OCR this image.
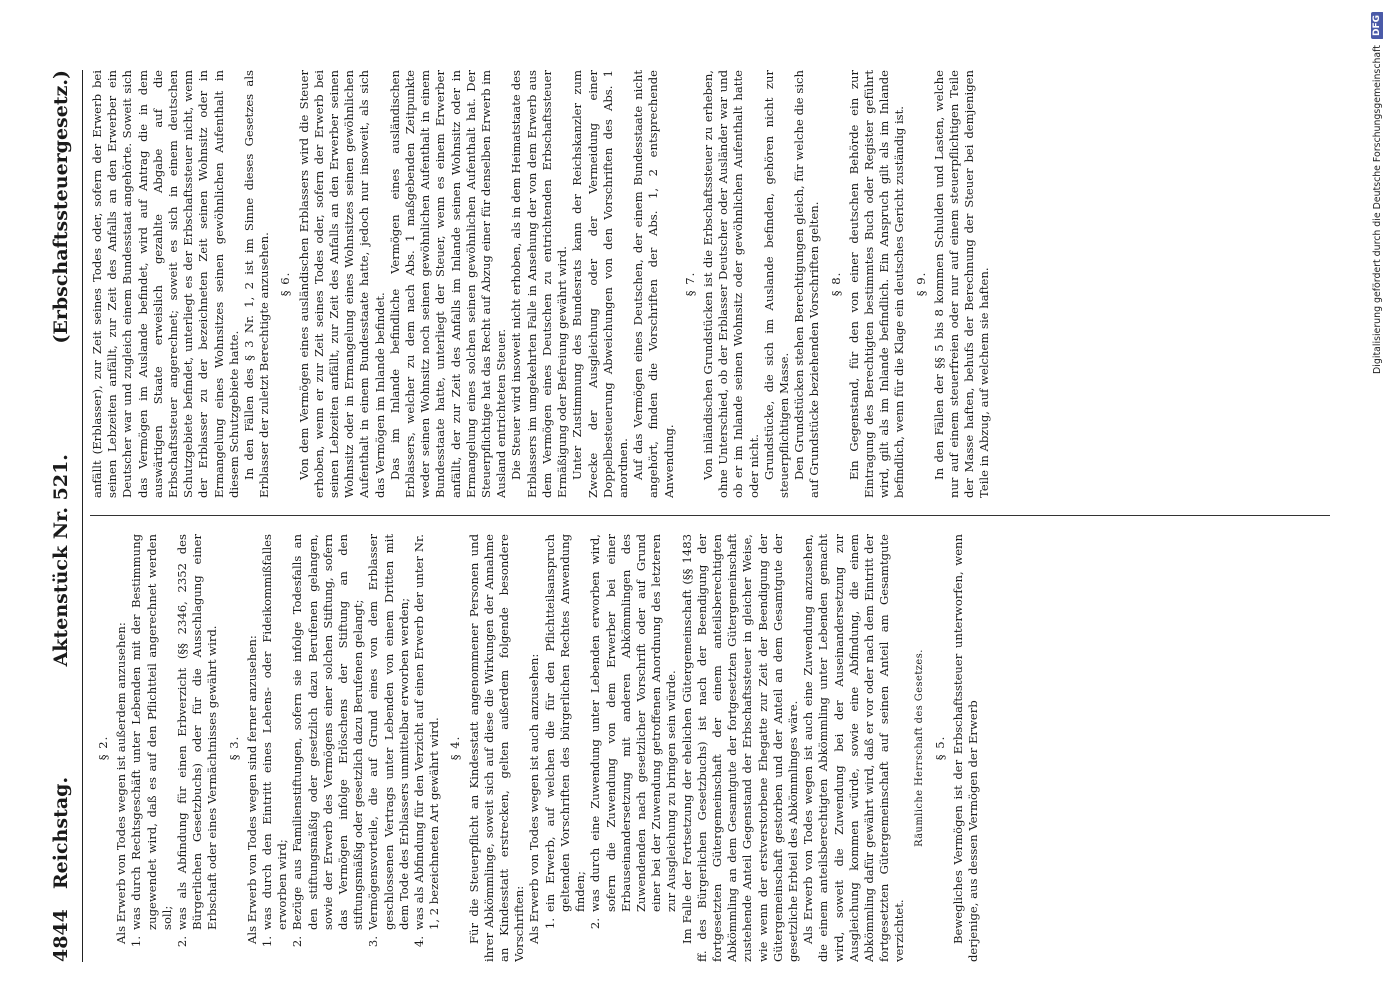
4844
Reichstag.
Aktenstück Nr. 521.
(Erbschaftssteuergesetz.)
§ 2. Als Erwerb von Todes wegen ist außerdem anzusehen: 1.
was durch Rechtsgeschäft unter Lebenden mit der Bestimmung zugewendet wird, daß es auf den Pflichtteil angerechnet werden soll;
2.
was als Abfindung für einen Erbverzicht (§§ 2346, 2352 des Bürgerlichen Gesetzbuchs) oder für die Ausschlagung einer Erbschaft oder eines Vermächtnisses gewährt wird. § 3. Als Erwerb von Todes wegen sind ferner anzusehen: 1.
was durch den Eintritt eines Lehens- oder Fideikommißfalles erworben wird;
2.
Bezüge aus Familienstiftungen, sofern sie infolge Todesfalls an den stiftungsmäßig oder gesetzlich dazu Berufenen gelangen, sowie der Erwerb des Vermögens einer solchen Stiftung, sofern das Vermögen infolge Erlöschens der Stiftung an den stiftungsmäßig oder gesetzlich dazu Berufenen gelangt;
3.
Vermögensvorteile, die auf Grund eines von dem Erblasser geschlossenen Vertrags unter Lebenden von einem Dritten mit dem Tode des Erblassers unmittelbar erworben werden;
4.
was als Abfindung für den Verzicht auf einen Erwerb der unter Nr. 1, 2 bezeichneten Art gewährt wird. § 4. Für die Steuerpflicht an Kindesstatt angenommener Personen und ihrer Abkömmlinge, soweit sich auf diese die Wirkungen der Annahme an Kindesstatt erstrecken, gelten außerdem folgende besondere Vorschriften: Als Erwerb von Todes wegen ist auch anzusehen: 1.
ein Erwerb, auf welchen die für den Pflichtteilsanspruch geltenden Vorschriften des bürgerlichen Rechtes Anwendung finden;
2.
was durch eine Zuwendung unter Lebenden erworben wird, sofern die Zuwendung von dem Erwerber bei einer Erbauseinandersetzung mit anderen Abkömmlingen des Zuwendenden nach gesetzlicher Vorschrift oder auf Grund einer bei der Zuwendung getroffenen Anordnung des letzteren zur Ausgleichung zu bringen sein würde. Im Falle der Fortsetzung der ehelichen Gütergemeinschaft (§§ 1483 ff. des Bürgerlichen Gesetzbuchs) ist nach der Beendigung der fortgesetzten Gütergemeinschaft der einem anteilsberechtigten Abkömmling an dem Gesamtgute der fortgesetzten Gütergemeinschaft zustehende Anteil Gegenstand der Erbschaftssteuer in gleicher Weise, wie wenn der erstverstorbene Ehegatte zur Zeit der Beendigung der Gütergemeinschaft gestorben und der Anteil an dem Gesamtgute der gesetzliche Erbteil des Abkömmlinges wäre. Als Erwerb von Todes wegen ist auch eine Zuwendung anzusehen, die einem anteilsberechtigten Abkömmling unter Lebenden gemacht wird, soweit die Zuwendung bei der Auseinandersetzung zur Ausgleichung kommen würde, sowie eine Abfindung, die einem Abkömmling dafür gewährt wird, daß er vor oder nach dem Eintritt der fortgesetzten Gütergemeinschaft auf seinen Anteil am Gesamtgute verzichtet.

Räumliche Herrschaft des Gesetzes. § 5. Bewegliches Vermögen ist der Erbschaftssteuer unterworfen, wenn derjenige, aus dessen Vermögen der Erwerb

anfällt (Erblasser), zur Zeit seines Todes oder, sofern der Erwerb bei seinen Lebzeiten anfällt, zur Zeit des Anfalls an den Erwerber ein Deutscher war und zugleich einem Bundesstaat angehörte. Soweit sich das Vermögen im Auslande befindet, wird auf Antrag die in dem auswärtigen Staate erweislich gezahlte Abgabe auf die Erbschaftssteuer angerechnet; soweit es sich in einem deutschen Schutzgebiete befindet, unterliegt es der Erbschaftssteuer nicht, wenn der Erblasser zu der bezeichneten Zeit seinen Wohnsitz oder in Ermangelung eines Wohnsitzes seinen gewöhnlichen Aufenthalt in diesem Schutzgebiete hatte. In den Fällen des § 3 Nr. 1, 2 ist im Sinne dieses Gesetzes als Erblasser der zuletzt Berechtigte anzusehen. § 6. Von dem Vermögen eines ausländischen Erblassers wird die Steuer erhoben, wenn er zur Zeit seines Todes oder, sofern der Erwerb bei seinen Lebzeiten anfällt, zur Zeit des Anfalls an den Erwerber seinen Wohnsitz oder in Ermangelung eines Wohnsitzes seinen gewöhnlichen Aufenthalt in einem Bundesstaate hatte, jedoch nur insoweit, als sich das Vermögen im Inlande befindet. Das im Inlande befindliche Vermögen eines ausländischen Erblassers, welcher zu dem nach Abs. 1 maßgebenden Zeitpunkte weder seinen Wohnsitz noch seinen gewöhnlichen Aufenthalt in einem Bundesstaate hatte, unterliegt der Steuer, wenn es einem Erwerber anfällt, der zur Zeit des Anfalls im Inlande seinen Wohnsitz oder in Ermangelung eines solchen seinen gewöhnlichen Aufenthalt hat. Der Steuerpflichtige hat das Recht auf Abzug einer für denselben Erwerb im Ausland entrichteten Steuer. Die Steuer wird insoweit nicht erhoben, als in dem Heimatstaate des Erblassers im umgekehrten Falle in Ansehung der von dem Erwerb aus dem Vermögen eines Deutschen zu entrichtenden Erbschaftssteuer Ermäßigung oder Befreiung gewährt wird. Unter Zustimmung des Bundesrats kann der Reichskanzler zum Zwecke der Ausgleichung oder der Vermeidung einer Doppelbesteuerung Abweichungen von den Vorschriften des Abs. 1 anordnen. Auf das Vermögen eines Deutschen, der einem Bundesstaate nicht angehört, finden die Vorschriften der Abs. 1, 2 entsprechende Anwendung.

§ 7. Von inländischen Grundstücken ist die Erbschaftssteuer zu erheben, ohne Unterschied, ob der Erblasser Deutscher oder Ausländer war und ob er im Inlande seinen Wohnsitz oder gewöhnlichen Aufenthalt hatte oder nicht. Grundstücke, die sich im Auslande befinden, gehören nicht zur steuerpflichtigen Masse. Den Grundstücken stehen Berechtigungen gleich, für welche die sich auf Grundstücke beziehenden Vorschriften gelten. § 8. Ein Gegenstand, für den von einer deutschen Behörde ein zur Eintragung des Berechtigten bestimmtes Buch oder Register geführt wird, gilt als im Inlande befindlich. Ein Anspruch gilt als im Inlande befindlich, wenn für die Klage ein deutsches Gericht zuständig ist. § 9. In den Fällen der §§ 5 bis 8 kommen Schulden und Lasten, welche nur auf einem steuerfreien oder nur auf einem steuerpflichtigen Teile der Masse haften, behufs der Berechnung der Steuer bei demjenigen Teile in Abzug, auf welchem sie haften.

Digitalisierung gefördert durch die Deutsche Forschungsgemeinschaft
DFG
